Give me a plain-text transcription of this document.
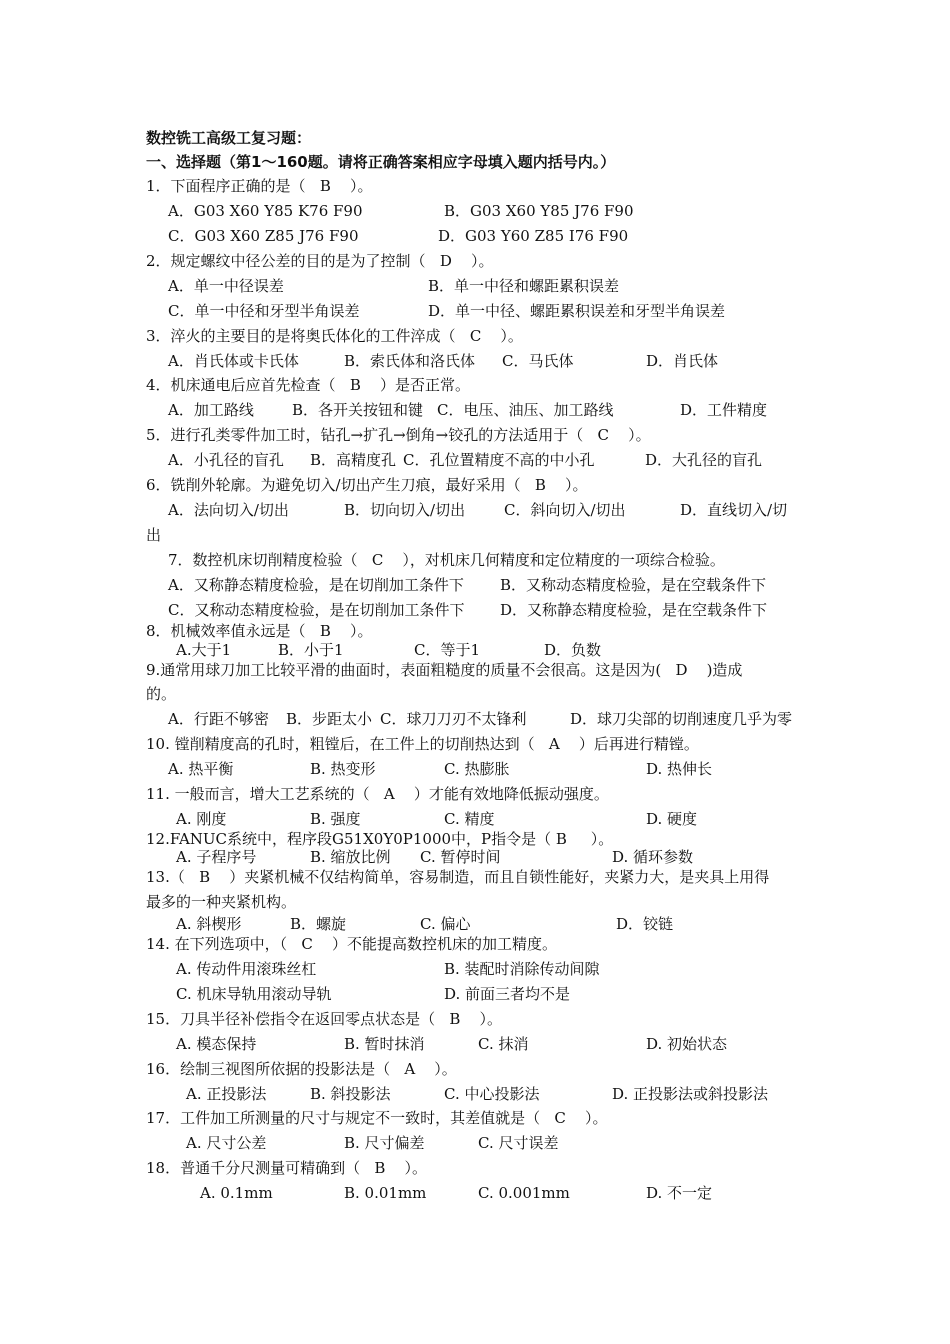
数控铣工高级工复习题：
一、选择题（第1～160题。请将正确答案相应字母填入题内括号内。）
1．下面程序正确的是（   B    ）。
A．G03 X60 Y85 K76 F90	B．G03 X60 Y85 J76 F90
C．G03 X60 Z85 J76 F90	D．G03 Y60 Z85 I76 F90
2．规定螺纹中径公差的目的是为了控制（   D    ）。
A．单一中径误差	B．单一中径和螺距累积误差
C．单一中径和牙型半角误差	D．单一中径、螺距累积误差和牙型半角误差
3．淬火的主要目的是将奥氏体化的工件淬成（   C    ）。
A．肖氏体或卡氏体	B．索氏体和洛氏体 C．马氏体	D．肖氏体
4．机床通电后应首先检查（   B    ）是否正常。
A．加工路线	B．各开关按钮和键 C．电压、油压、加工路线	D．工件精度
5．进行孔类零件加工时，钻孔→扩孔→倒角→铰孔的方法适用于（   C    ）。
A．小孔径的盲孔 B．高精度孔 C．孔位置精度不高的中小孔	D．大孔径的盲孔
6．铣削外轮廓。为避免切入/切出产生刀痕，最好采用（   B    ）。
A．法向切入/切出	B．切向切入/切出	C．斜向切入/切出	D．直线切入/切
出
7．数控机床切削精度检验（   C    ），对机床几何精度和定位精度的一项综合检验。
A．又称静态精度检验，是在切削加工条件下 B．又称动态精度检验，是在空载条件下
C．又称动态精度检验，是在切削加工条件下 D．又称静态精度检验，是在空载条件下
8．机械效率值永远是（   B    ）。
A.大于1	B．小于1	C．等于1	D．负数
9.通常用球刀加工比较平滑的曲面时，表面粗糙度的质量不会很高。这是因为(   D    )造成
的。
A．行距不够密 B．步距太小 C．球刀刀刃不太锋利	D．球刀尖部的切削速度几乎为零
10. 镗削精度高的孔时，粗镗后，在工件上的切削热达到（   A    ）后再进行精镗。
A. 热平衡	B. 热变形	C. 热膨胀	D. 热伸长
11. 一般而言，增大工艺系统的（   A    ）才能有效地降低振动强度。
A. 刚度	B. 强度	C. 精度	D. 硬度
12.FANUC系统中，程序段G51X0Y0P1000中，P指令是（ B     ）。
A. 子程序号	B. 缩放比例 C. 暂停时间	D. 循环参数
13.（   B    ）夹紧机械不仅结构简单，容易制造，而且自锁性能好，夹紧力大，是夹具上用得
最多的一种夹紧机构。
A. 斜楔形	B．螺旋	C. 偏心	D．铰链
14. 在下列选项中，（   C    ）不能提高数控机床的加工精度。
A. 传动件用滚珠丝杠	B. 装配时消除传动间隙
C. 机床导轨用滚动导轨	D. 前面三者均不是
15．刀具半径补偿指令在返回零点状态是（   B    ）。
A. 模态保持	B. 暂时抹消	C. 抹消	D. 初始状态
16．绘制三视图所依据的投影法是（   A    ）。
A. 正投影法	B. 斜投影法	C. 中心投影法	D. 正投影法或斜投影法
17．工件加工所测量的尺寸与规定不一致时，其差值就是（   C    ）。
A. 尺寸公差	B. 尺寸偏差	C. 尺寸误差
18．普通千分尺测量可精确到（   B    ）。
A. 0.1mm	B. 0.01mm	C. 0.001mm	D. 不一定
